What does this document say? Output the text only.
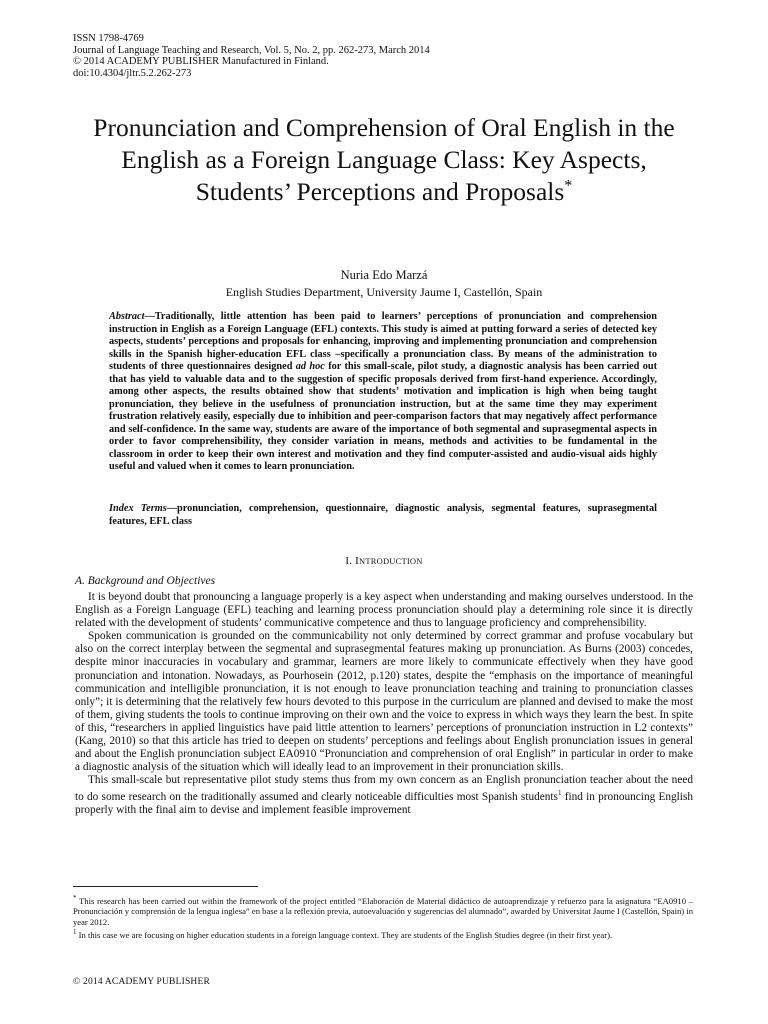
ISSN 1798-4769
Journal of Language Teaching and Research, Vol. 5, No. 2, pp. 262-273, March 2014
© 2014 ACADEMY PUBLISHER Manufactured in Finland.
doi:10.4304/jltr.5.2.262-273
Pronunciation and Comprehension of Oral English in the English as a Foreign Language Class: Key Aspects, Students’ Perceptions and Proposals*
Nuria Edo Marzá
English Studies Department, University Jaume I, Castellón, Spain

Abstract—Traditionally, little attention has been paid to learners’ perceptions of pronunciation and comprehension instruction in English as a Foreign Language (EFL) contexts. This study is aimed at putting forward a series of detected key aspects, students’ perceptions and proposals for enhancing, improving and implementing pronunciation and comprehension skills in the Spanish higher-education EFL class –specifically a pronunciation class. By means of the administration to students of three questionnaires designed ad hoc for this small-scale, pilot study, a diagnostic analysis has been carried out that has yield to valuable data and to the suggestion of specific proposals derived from first-hand experience. Accordingly, among other aspects, the results obtained show that students’ motivation and implication is high when being taught pronunciation, they believe in the usefulness of pronunciation instruction, but at the same time they may experiment frustration relatively easily, especially due to inhibition and peer-comparison factors that may negatively affect performance and self-confidence. In the same way, students are aware of the importance of both segmental and suprasegmental aspects in order to favor comprehensibility, they consider variation in means, methods and activities to be fundamental in the classroom in order to keep their own interest and motivation and they find computer-assisted and audio-visual aids highly useful and valued when it comes to learn pronunciation.

Index Terms—pronunciation, comprehension, questionnaire, diagnostic analysis, segmental features, suprasegmental features, EFL class

I. INTRODUCTION
A. Background and Objectives

It is beyond doubt that pronouncing a language properly is a key aspect when understanding and making ourselves understood. In the English as a Foreign Language (EFL) teaching and learning process pronunciation should play a determining role since it is directly related with the development of students’ communicative competence and thus to language proficiency and comprehensibility.

Spoken communication is grounded on the communicability not only determined by correct grammar and profuse vocabulary but also on the correct interplay between the segmental and suprasegmental features making up pronunciation. As Burns (2003) concedes, despite minor inaccuracies in vocabulary and grammar, learners are more likely to communicate effectively when they have good pronunciation and intonation. Nowadays, as Pourhosein (2012, p.120) states, despite the “emphasis on the importance of meaningful communication and intelligible pronunciation, it is not enough to leave pronunciation teaching and training to pronunciation classes only”; it is determining that the relatively few hours devoted to this purpose in the curriculum are planned and devised to make the most of them, giving students the tools to continue improving on their own and the voice to express in which ways they learn the best. In spite of this, “researchers in applied linguistics have paid little attention to learners’ perceptions of pronunciation instruction in L2 contexts” (Kang, 2010) so that this article has tried to deepen on students’ perceptions and feelings about English pronunciation issues in general and about the English pronunciation subject EA0910 “Pronunciation and comprehension of oral English” in particular in order to make a diagnostic analysis of the situation which will ideally lead to an improvement in their pronunciation skills.

This small-scale but representative pilot study stems thus from my own concern as an English pronunciation teacher about the need to do some research on the traditionally assumed and clearly noticeable difficulties most Spanish students$^1$ find in pronouncing English properly with the final aim to devise and implement feasible improvement

* This research has been carried out within the framework of the project entitled “Elaboración de Material didáctico de autoaprendizaje y refuerzo para la asignatura “EA0910 – Pronunciación y comprensión de la lengua inglesa” en base a la reflexión previa, autoevaluación y sugerencias del alumnado”, awarded by Universitat Jaume I (Castellón, Spain) in year 2012.

$^1$ In this case we are focusing on higher education students in a foreign language context. They are students of the English Studies degree (in their first year).

© 2014 ACADEMY PUBLISHER
